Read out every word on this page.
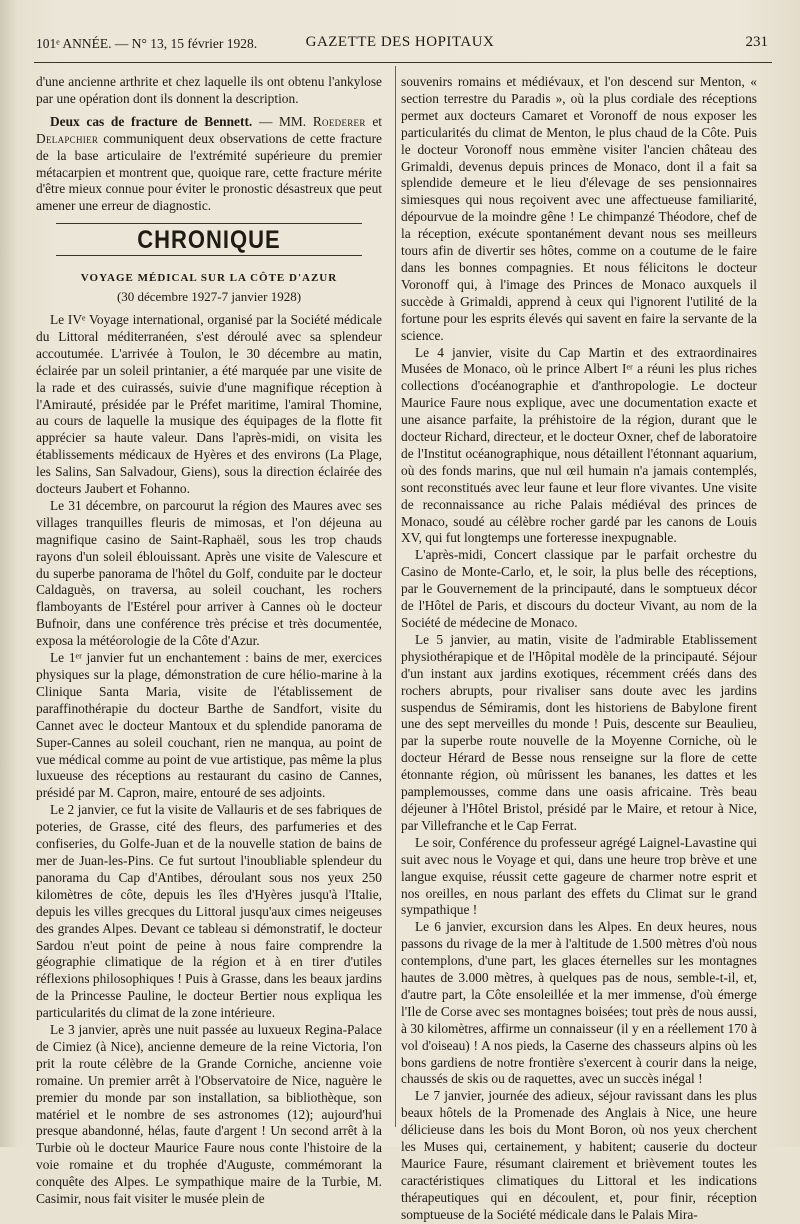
101ᵉ ANNÉE. — N° 13, 15 février 1928.	GAZETTE DES HOPITAUX	231

d'une ancienne arthrite et chez laquelle ils ont obtenu l'ankylose par une opération dont ils donnent la description.

Deux cas de fracture de Bennett. — MM. Roederer et Delapchier communiquent deux observations de cette fracture de la base articulaire de l'extrémité supérieure du premier métacarpien et montrent que, quoique rare, cette fracture mérite d'être mieux connue pour éviter le pronostic désastreux que peut amener une erreur de diagnostic.

CHRONIQUE
VOYAGE MÉDICAL SUR LA CÔTE D'AZUR
(30 décembre 1927-7 janvier 1928)

Le IVᵉ Voyage international, organisé par la Société médicale du Littoral méditerranéen, s'est déroulé avec sa splendeur accoutumée. L'arrivée à Toulon, le 30 décembre au matin, éclairée par un soleil printanier, a été marquée par une visite de la rade et des cuirassés, suivie d'une magnifique réception à l'Amirauté, présidée par le Préfet maritime, l'amiral Thomine, au cours de laquelle la musique des équipages de la flotte fit apprécier sa haute valeur. Dans l'après-midi, on visita les établissements médicaux de Hyères et des environs (La Plage, les Salins, San Salvadour, Giens), sous la direction éclairée des docteurs Jaubert et Fohanno.

Le 31 décembre, on parcourut la région des Maures avec ses villages tranquilles fleuris de mimosas, et l'on déjeuna au magnifique casino de Saint-Raphaël, sous les trop chauds rayons d'un soleil éblouissant. Après une visite de Valescure et du superbe panorama de l'hôtel du Golf, conduite par le docteur Caldaguès, on traversa, au soleil couchant, les rochers flamboyants de l'Estérel pour arriver à Cannes où le docteur Bufnoir, dans une conférence très précise et très documentée, exposa la météorologie de la Côte d'Azur.

Le 1ᵉʳ janvier fut un enchantement : bains de mer, exercices physiques sur la plage, démonstration de cure hélio-marine à la Clinique Santa Maria, visite de l'établissement de paraffinothérapie du docteur Barthe de Sandfort, visite du Cannet avec le docteur Mantoux et du splendide panorama de Super-Cannes au soleil couchant, rien ne manqua, au point de vue médical comme au point de vue artistique, pas même la plus luxueuse des réceptions au restaurant du casino de Cannes, présidé par M. Capron, maire, entouré de ses adjoints.

Le 2 janvier, ce fut la visite de Vallauris et de ses fabriques de poteries, de Grasse, cité des fleurs, des parfumeries et des confiseries, du Golfe-Juan et de la nouvelle station de bains de mer de Juan-les-Pins. Ce fut surtout l'inoubliable splendeur du panorama du Cap d'Antibes, déroulant sous nos yeux 250 kilomètres de côte, depuis les îles d'Hyères jusqu'à l'Italie, depuis les villes grecques du Littoral jusqu'aux cimes neigeuses des grandes Alpes. Devant ce tableau si démonstratif, le docteur Sardou n'eut point de peine à nous faire comprendre la géographie climatique de la région et à en tirer d'utiles réflexions philosophiques ! Puis à Grasse, dans les beaux jardins de la Princesse Pauline, le docteur Bertier nous expliqua les particularités du climat de la zone intérieure.

Le 3 janvier, après une nuit passée au luxueux Regina-Palace de Cimiez (à Nice), ancienne demeure de la reine Victoria, l'on prit la route célèbre de la Grande Corniche, ancienne voie romaine. Un premier arrêt à l'Observatoire de Nice, naguère le premier du monde par son installation, sa bibliothèque, son matériel et le nombre de ses astronomes (12); aujourd'hui presque abandonné, hélas, faute d'argent ! Un second arrêt à la Turbie où le docteur Maurice Faure nous conte l'histoire de la voie romaine et du trophée d'Auguste, commémorant la conquête des Alpes. Le sympathique maire de la Turbie, M. Casimir, nous fait visiter le musée plein de

souvenirs romains et médiévaux, et l'on descend sur Menton, « section terrestre du Paradis », où la plus cordiale des réceptions permet aux docteurs Camaret et Voronoff de nous exposer les particularités du climat de Menton, le plus chaud de la Côte. Puis le docteur Voronoff nous emmène visiter l'ancien château des Grimaldi, devenus depuis princes de Monaco, dont il a fait sa splendide demeure et le lieu d'élevage de ses pensionnaires simiesques qui nous reçoivent avec une affectueuse familiarité, dépourvue de la moindre gêne ! Le chimpanzé Théodore, chef de la réception, exécute spontanément devant nous ses meilleurs tours afin de divertir ses hôtes, comme on a coutume de le faire dans les bonnes compagnies. Et nous félicitons le docteur Voronoff qui, à l'image des Princes de Monaco auxquels il succède à Grimaldi, apprend à ceux qui l'ignorent l'utilité de la fortune pour les esprits élevés qui savent en faire la servante de la science.

Le 4 janvier, visite du Cap Martin et des extraordinaires Musées de Monaco, où le prince Albert Iᵉʳ a réuni les plus riches collections d'océanographie et d'anthropologie. Le docteur Maurice Faure nous explique, avec une documentation exacte et une aisance parfaite, la préhistoire de la région, durant que le docteur Richard, directeur, et le docteur Oxner, chef de laboratoire de l'Institut océanographique, nous détaillent l'étonnant aquarium, où des fonds marins, que nul œil humain n'a jamais contemplés, sont reconstitués avec leur faune et leur flore vivantes. Une visite de reconnaissance au riche Palais médiéval des princes de Monaco, soudé au célèbre rocher gardé par les canons de Louis XV, qui fut longtemps une forteresse inexpugnable.

L'après-midi, Concert classique par le parfait orchestre du Casino de Monte-Carlo, et, le soir, la plus belle des réceptions, par le Gouvernement de la principauté, dans le somptueux décor de l'Hôtel de Paris, et discours du docteur Vivant, au nom de la Société de médecine de Monaco.

Le 5 janvier, au matin, visite de l'admirable Etablissement physiothérapique et de l'Hôpital modèle de la principauté. Séjour d'un instant aux jardins exotiques, récemment créés dans des rochers abrupts, pour rivaliser sans doute avec les jardins suspendus de Sémiramis, dont les historiens de Babylone firent une des sept merveilles du monde ! Puis, descente sur Beaulieu, par la superbe route nouvelle de la Moyenne Corniche, où le docteur Hérard de Besse nous renseigne sur la flore de cette étonnante région, où mûrissent les bananes, les dattes et les pamplemousses, comme dans une oasis africaine. Très beau déjeuner à l'Hôtel Bristol, présidé par le Maire, et retour à Nice, par Villefranche et le Cap Ferrat.

Le soir, Conférence du professeur agrégé Laignel-Lavastine qui suit avec nous le Voyage et qui, dans une heure trop brève et une langue exquise, réussit cette gageure de charmer notre esprit et nos oreilles, en nous parlant des effets du Climat sur le grand sympathique !

Le 6 janvier, excursion dans les Alpes. En deux heures, nous passons du rivage de la mer à l'altitude de 1.500 mètres d'où nous contemplons, d'une part, les glaces éternelles sur les montagnes hautes de 3.000 mètres, à quelques pas de nous, semble-t-il, et, d'autre part, la Côte ensoleillée et la mer immense, d'où émerge l'Ile de Corse avec ses montagnes boisées; tout près de nous aussi, à 30 kilomètres, affirme un connaisseur (il y en a réellement 170 à vol d'oiseau) ! A nos pieds, la Caserne des chasseurs alpins où les bons gardiens de notre frontière s'exercent à courir dans la neige, chaussés de skis ou de raquettes, avec un succès inégal !

Le 7 janvier, journée des adieux, séjour ravissant dans les plus beaux hôtels de la Promenade des Anglais à Nice, une heure délicieuse dans les bois du Mont Boron, où nos yeux cherchent les Muses qui, certainement, y habitent; causerie du docteur Maurice Faure, résumant clairement et brièvement toutes les caractéristiques climatiques du Littoral et les indications thérapeutiques qui en découlent, et, pour finir, réception somptueuse de la Société médicale dans le Palais Mira-
